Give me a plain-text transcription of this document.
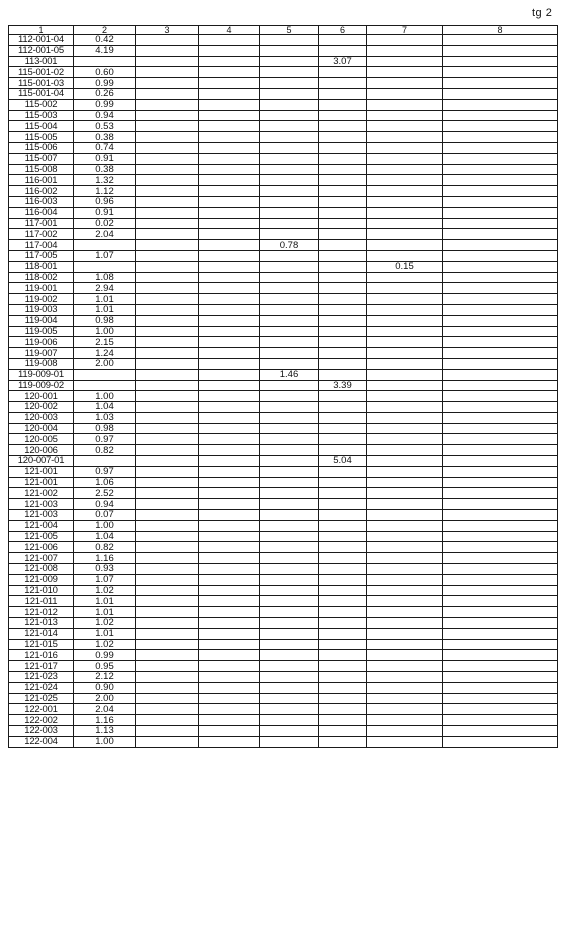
tg 2
1	2	3	4	5	6	7	8
112-001-04	0.42						
112-001-05	4.19						
113-001					3.07		
115-001-02	0.60						
115-001-03	0.99						
115-001-04	0.26						
115-002	0.99						
115-003	0.94						
115-004	0.53						
115-005	0.38						
115-006	0.74						
115-007	0.91						
115-008	0.38						
116-001	1.32						
116-002	1.12						
116-003	0.96						
116-004	0.91						
117-001	0.02						
117-002	2.04						
117-004				0.78			
117-005	1.07						
118-001						0.15	
118-002	1.08						
119-001	2.94						
119-002	1.01						
119-003	1.01						
119-004	0.98						
119-005	1.00						
119-006	2.15						
119-007	1.24						
119-008	2.00						
119-009-01				1.46			
119-009-02					3.39		
120-001	1.00						
120-002	1.04						
120-003	1.03						
120-004	0.98						
120-005	0.97						
120-006	0.82						
120-007-01					5.04		
121-001	0.97						
121-001	1.06						
121-002	2.52						
121-003	0.94						
121-003	0.07						
121-004	1.00						
121-005	1.04						
121-006	0.82						
121-007	1.16						
121-008	0.93						
121-009	1.07						
121-010	1.02						
121-011	1.01						
121-012	1.01						
121-013	1.02						
121-014	1.01						
121-015	1.02						
121-016	0.99						
121-017	0.95						
121-023	2.12						
121-024	0.90						
121-025	2.00						
122-001	2.04						
122-002	1.16						
122-003	1.13						
122-004	1.00						
